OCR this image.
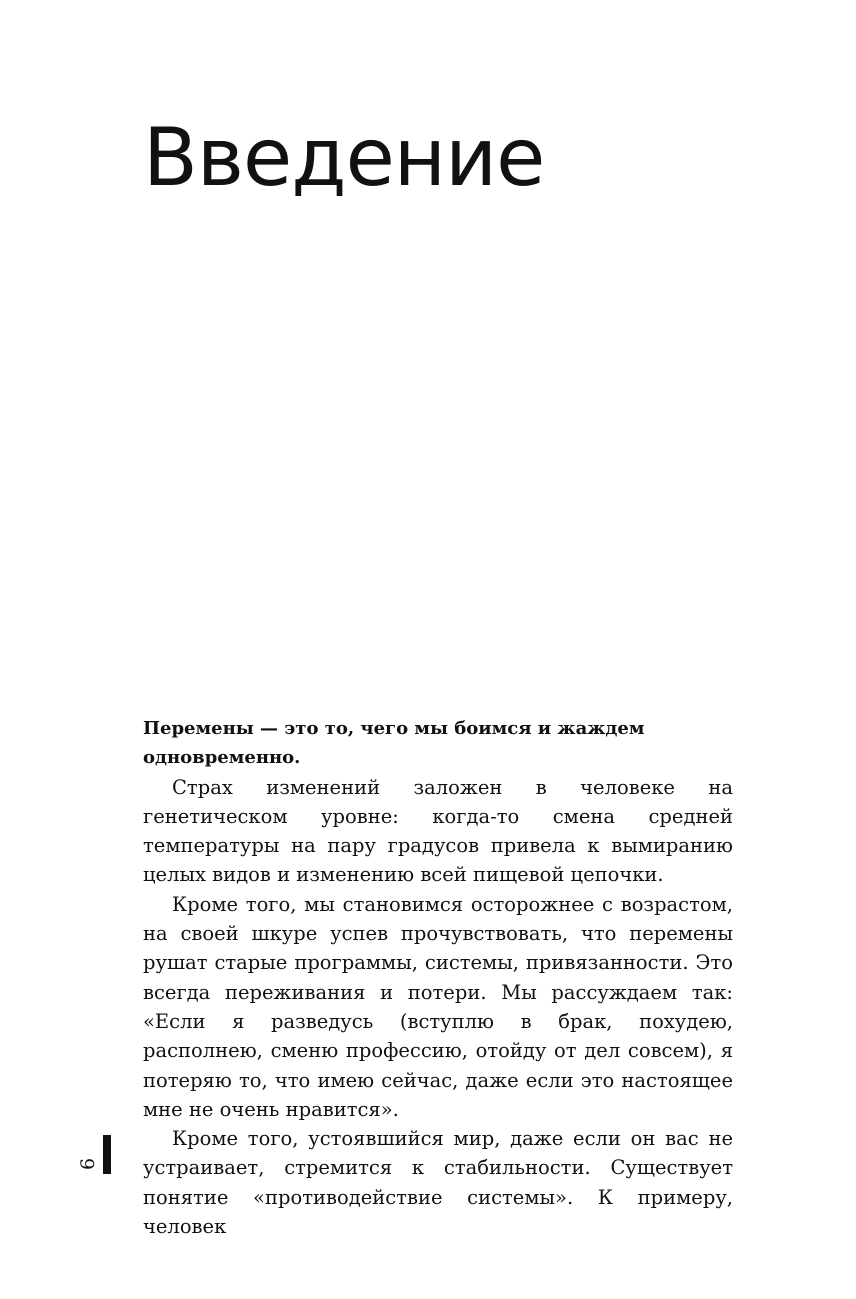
Введение

Перемены — это то, чего мы боимся и жаждем одновременно.

Страх изменений заложен в человеке на генетическом уровне: когда-то смена средней температуры на пару градусов привела к вымиранию целых видов и изменению всей пищевой цепочки.

Кроме того, мы становимся осторожнее с возрастом, на своей шкуре успев прочувствовать, что перемены рушат старые программы, системы, привязанности. Это всегда переживания и потери. Мы рассуждаем так: «Если я разведусь (вступлю в брак, похудею, располнею, сменю профессию, отойду от дел совсем), я потеряю то, что имею сейчас, даже если это настоящее мне не очень нравится».

Кроме того, устоявшийся мир, даже если он вас не устраивает, стремится к стабильности. Существует понятие «противодействие системы». К примеру, человек

6
